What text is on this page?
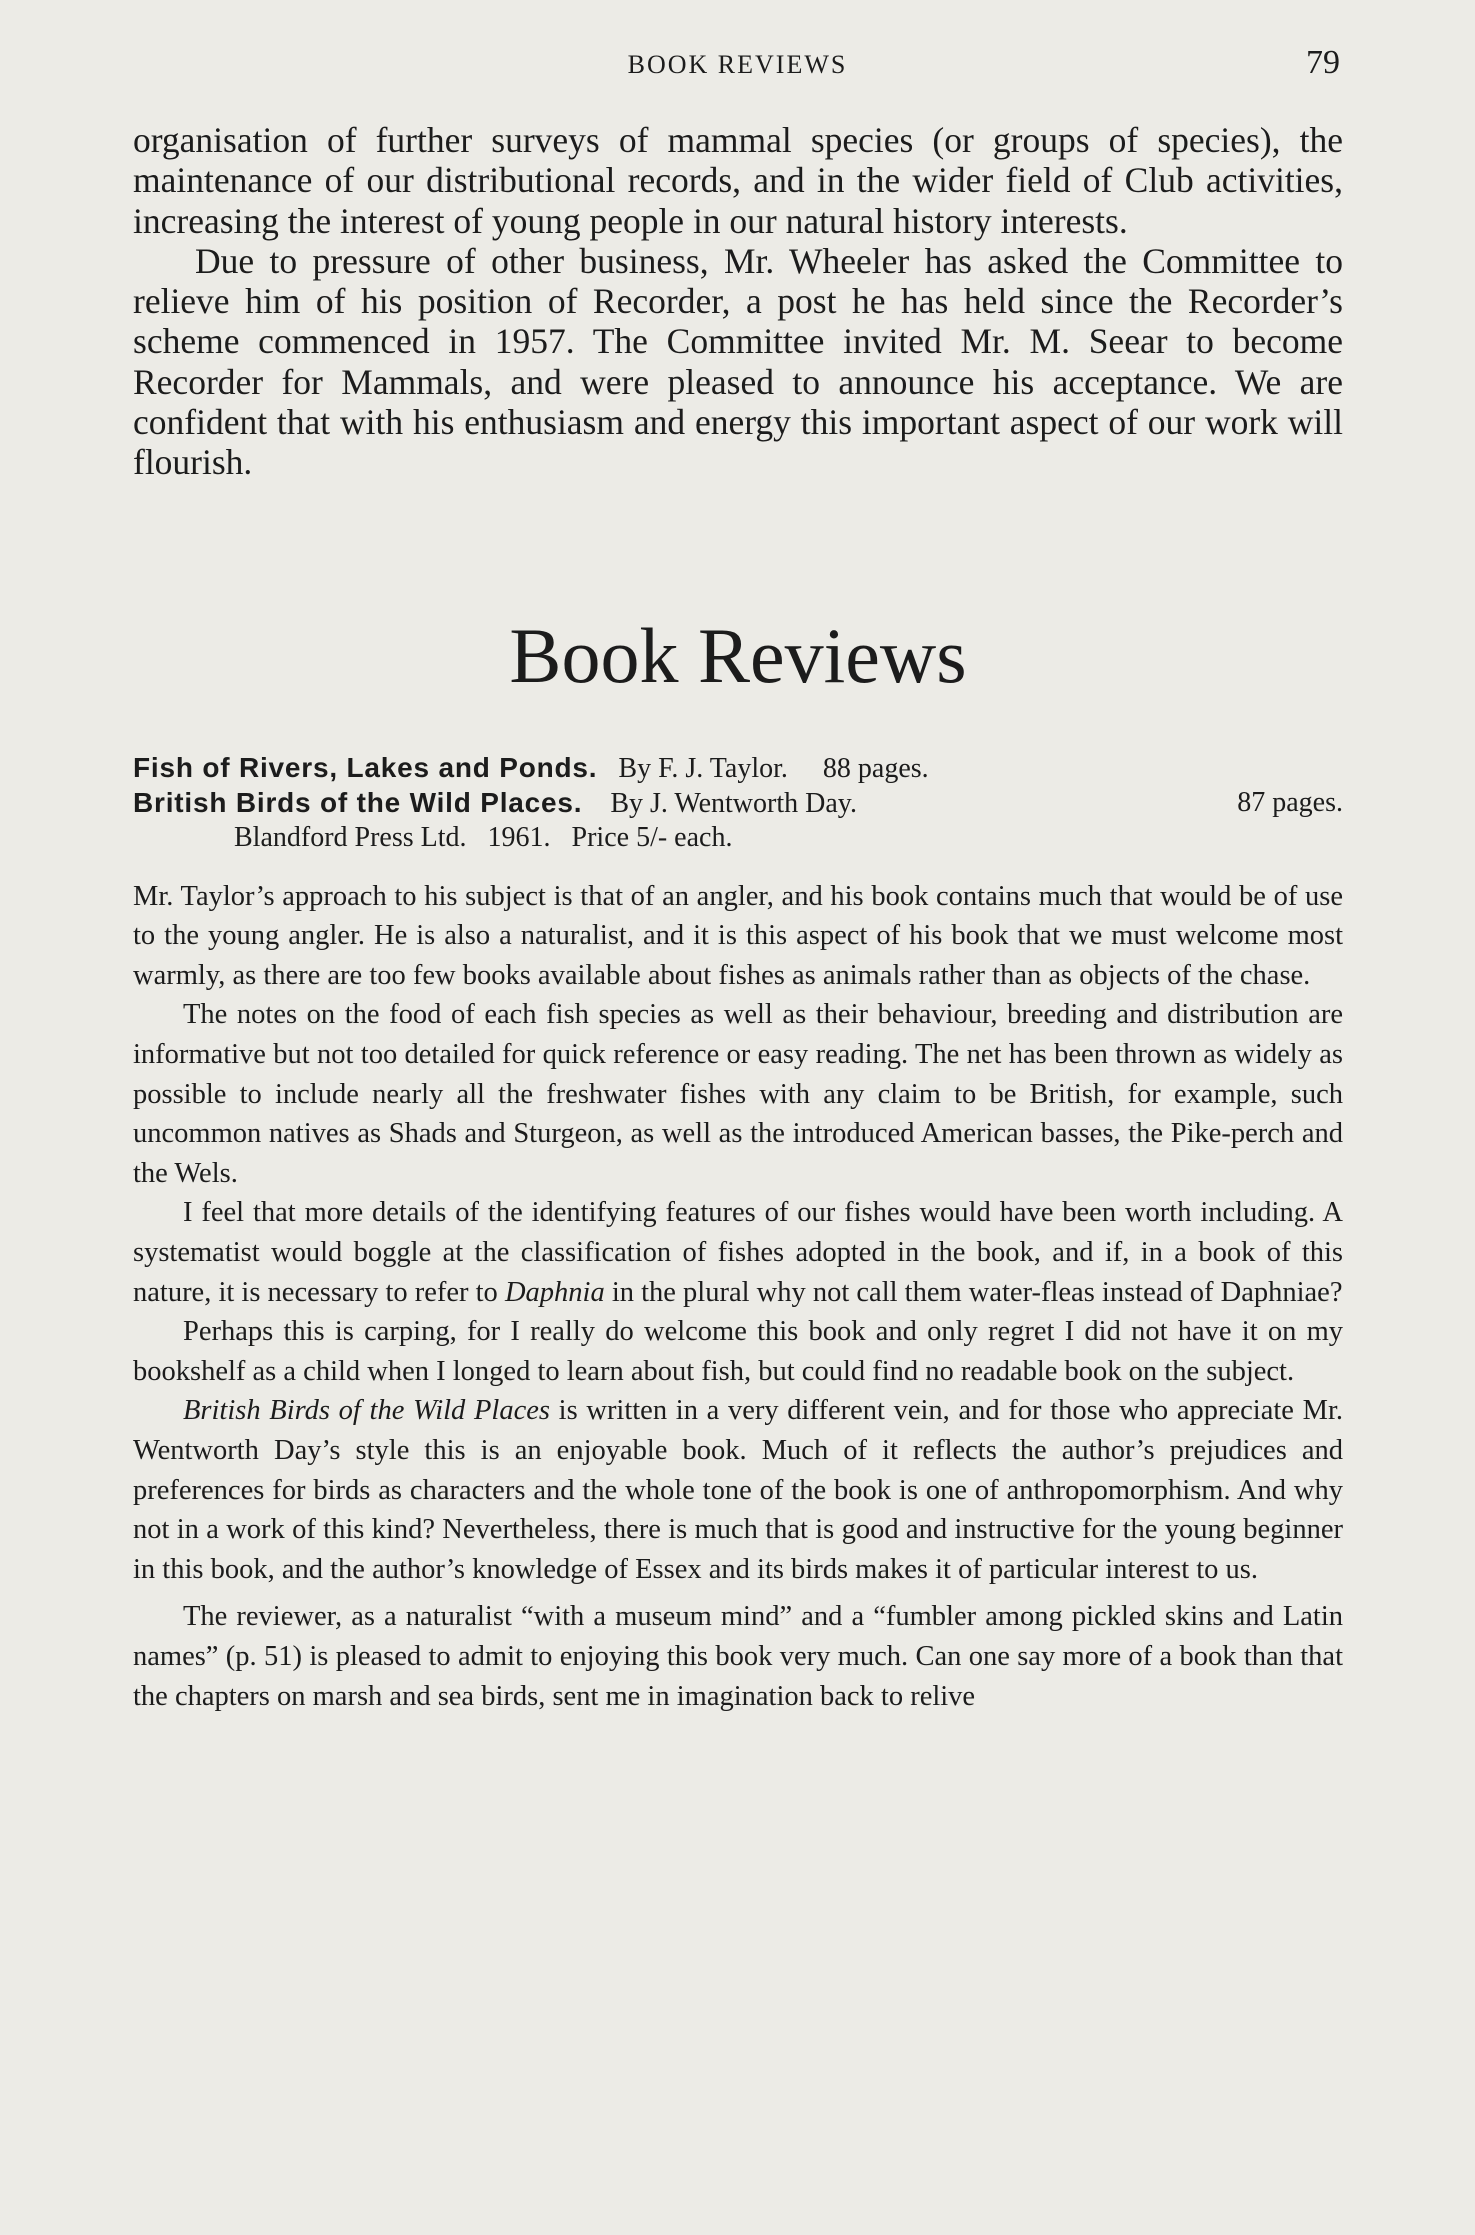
BOOK REVIEWS	79

organisation of further surveys of mammal species (or groups of species), the maintenance of our distributional records, and in the wider field of Club activities, increasing the interest of young people in our natural history interests.

Due to pressure of other business, Mr. Wheeler has asked the Committee to relieve him of his position of Recorder, a post he has held since the Recorder’s scheme commenced in 1957. The Committee invited Mr. M. Seear to become Recorder for Mammals, and were pleased to announce his acceptance. We are confident that with his enthusiasm and energy this important aspect of our work will flourish.

Book Reviews
Fish of Rivers, Lakes and Ponds. By F. J. Taylor. 88 pages.
British Birds of the Wild Places. By J. Wentworth Day.	87 pages.
Blandford Press Ltd. 1961. Price 5/- each.

Mr. Taylor’s approach to his subject is that of an angler, and his book contains much that would be of use to the young angler. He is also a naturalist, and it is this aspect of his book that we must welcome most warmly, as there are too few books available about fishes as animals rather than as objects of the chase.

The notes on the food of each fish species as well as their behaviour, breeding and distribution are informative but not too detailed for quick reference or easy reading. The net has been thrown as widely as possible to include nearly all the freshwater fishes with any claim to be British, for example, such uncommon natives as Shads and Sturgeon, as well as the introduced American basses, the Pike-perch and the Wels.

I feel that more details of the identifying features of our fishes would have been worth including. A systematist would boggle at the classification of fishes adopted in the book, and if, in a book of this nature, it is necessary to refer to Daphnia in the plural why not call them water-fleas instead of Daphniae?

Perhaps this is carping, for I really do welcome this book and only regret I did not have it on my bookshelf as a child when I longed to learn about fish, but could find no readable book on the subject.

British Birds of the Wild Places is written in a very different vein, and for those who appreciate Mr. Wentworth Day’s style this is an enjoyable book. Much of it reflects the author’s prejudices and preferences for birds as characters and the whole tone of the book is one of anthropomorphism. And why not in a work of this kind? Nevertheless, there is much that is good and instructive for the young beginner in this book, and the author’s knowledge of Essex and its birds makes it of particular interest to us.

The reviewer, as a naturalist “with a museum mind” and a “fumbler among pickled skins and Latin names” (p. 51) is pleased to admit to enjoying this book very much. Can one say more of a book than that the chapters on marsh and sea birds, sent me in imagination back to relive
